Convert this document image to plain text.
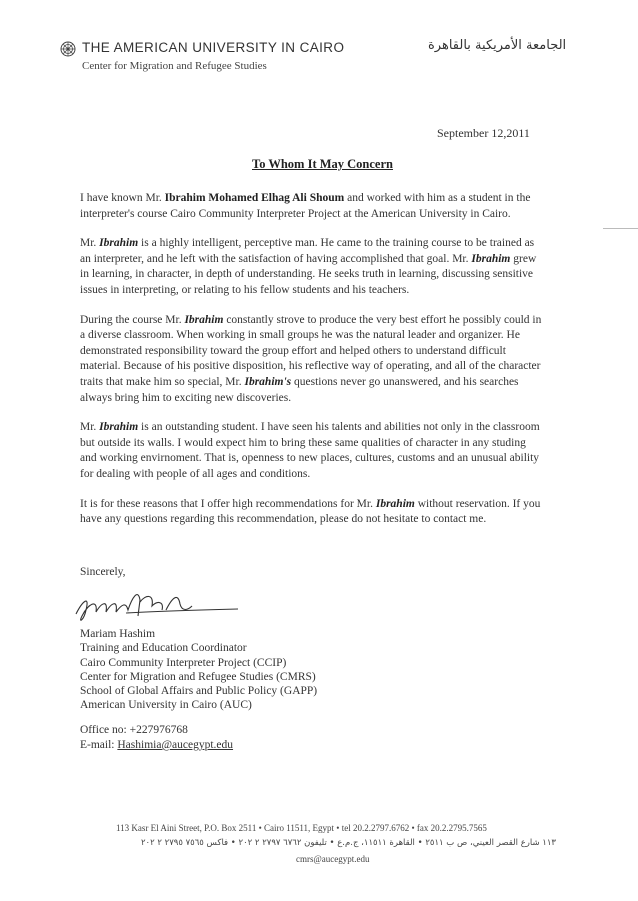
THE AMERICAN UNIVERSITY IN CAIRO
Center for Migration and Refugee Studies
الجامعة الأمريكية بالقاهرة
September 12,2011
To Whom It May Concern

I have known Mr. Ibrahim Mohamed Elhag Ali Shoum and worked with him as a student in the interpreter's course Cairo Community Interpreter Project at the American University in Cairo.

Mr. Ibrahim is a highly intelligent, perceptive man. He came to the training course to be trained as an interpreter, and he left with the satisfaction of having accomplished that goal. Mr. Ibrahim grew in learning, in character, in depth of understanding. He seeks truth in learning, discussing sensitive issues in interpreting, or relating to his fellow students and his teachers.

During the course Mr. Ibrahim constantly strove to produce the very best effort he possibly could in a diverse classroom. When working in small groups he was the natural leader and organizer. He demonstrated responsibility toward the group effort and helped others to understand difficult material. Because of his positive disposition, his reflective way of operating, and all of the character traits that make him so special, Mr. Ibrahim's questions never go unanswered, and his searches always bring him to exciting new discoveries.

Mr. Ibrahim is an outstanding student. I have seen his talents and abilities not only in the classroom but outside its walls. I would expect him to bring these same qualities of character in any studing and working envirnoment. That is, openness to new places, cultures, customs and an unusual ability for dealing with people of all ages and conditions.

It is for these reasons that I offer high recommendations for Mr. Ibrahim without reservation. If you have any questions regarding this recommendation, please do not hesitate to contact me.

Sincerely,
Mariam Hashim
Training and Education Coordinator
Cairo Community Interpreter Project (CCIP)
Center for Migration and Refugee Studies (CMRS)
School of Global Affairs and Public Policy (GAPP)
American University in Cairo (AUC)
Office no: +227976768
E-mail: Hashimia@aucegypt.edu
113 Kasr El Aini Street, P.O. Box 2511 • Cairo 11511, Egypt • tel 20.2.2797.6762 • fax 20.2.2795.7565
١١٣ شارع القصر العيني، ص ب ٢٥١١ • القاهرة ١١٥١١، ج.م.ع • تليفون ٦٧٦٢ ٢٧٩٧ ٢ ٢٠٢ • فاكس ٧٥٦٥ ٢٧٩٥ ٢ ٢٠٢
cmrs@aucegypt.edu
